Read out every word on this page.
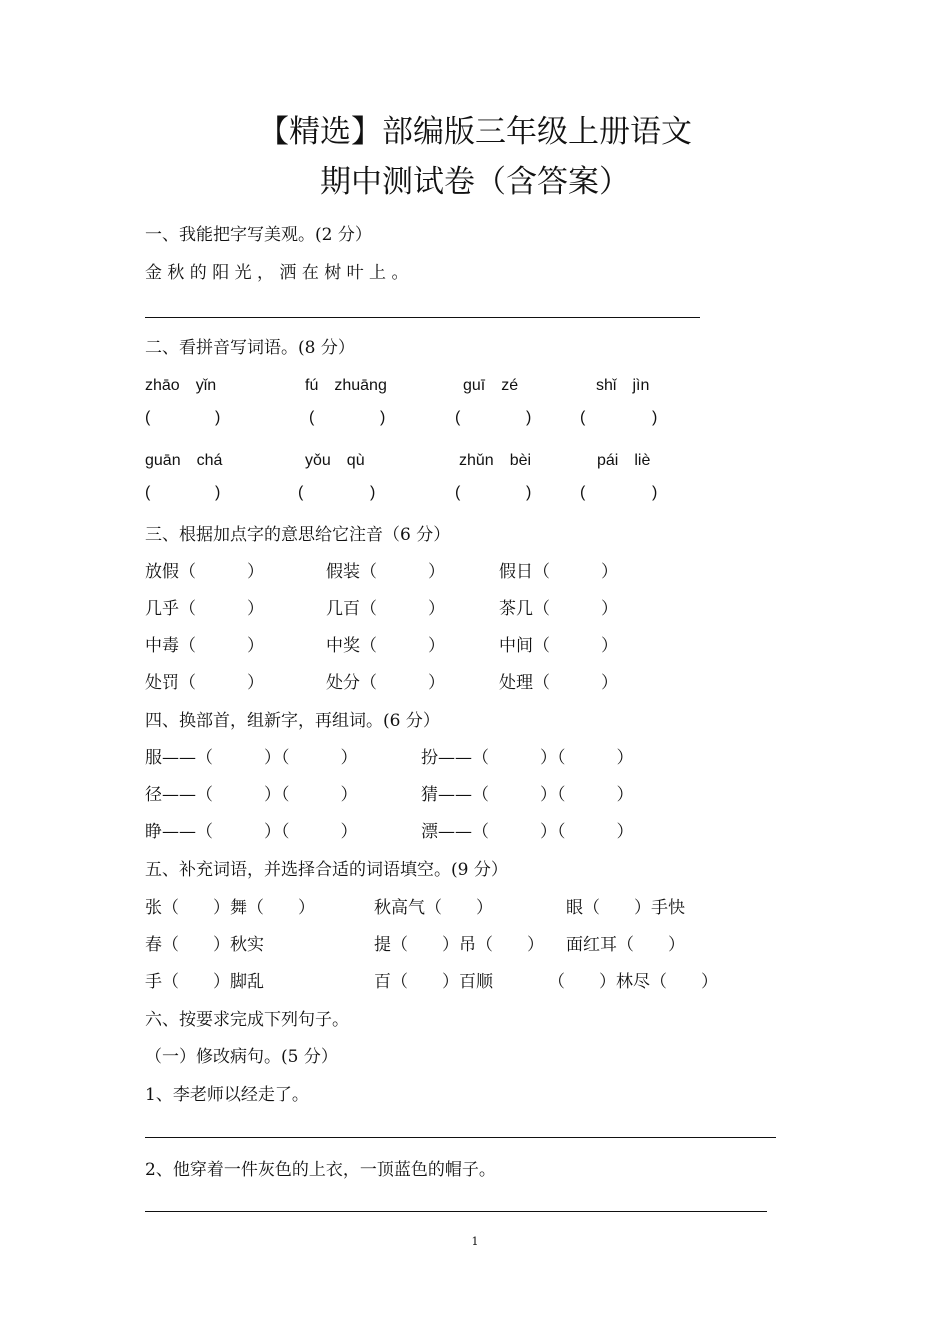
【精选】部编版三年级上册语文
期中测试卷（含答案）
一、我能把字写美观。(2 分）
金 秋 的 阳 光 ， 洒 在 树 叶 上 。
二、看拼音写词语。(8 分）
zhāo　yǐn	fú　zhuāng	guī　zé	shǐ　jìn
(	)	(	)	(	)	(	)
guān　chá	yǒu　qù	zhǔn　bèi	pái　liè
(	)	(	)	(	)	(	)
三、根据加点字的意思给它注音（6 分）
放假（　　　）	假装（　　　）	假日（　　　）
几乎（　　　）	几百（　　　）	茶几（　　　）
中毒（　　　）	中奖（　　　）	中间（　　　）
处罚（　　　）	处分（　　　）	处理（　　　）
四、换部首，组新字，再组词。(6 分）
服——（　　　）（　　　）	扮——（　　　）（　　　）
径——（　　　）（　　　）	猜——（　　　）（　　　）
睁——（　　　）（　　　）	漂——（　　　）（　　　）
五、补充词语，并选择合适的词语填空。(9 分）
张（　　）舞（　　）	秋高气（　　）	眼（　　）手快
春（　　）秋实	提（　　）吊（　　） 面红耳（　　）
手（　　）脚乱	百（　　）百顺	（　　）林尽（　　）
六、按要求完成下列句子。
（一）修改病句。(5 分）
1、李老师以经走了。
2、他穿着一件灰色的上衣，一顶蓝色的帽子。
1
